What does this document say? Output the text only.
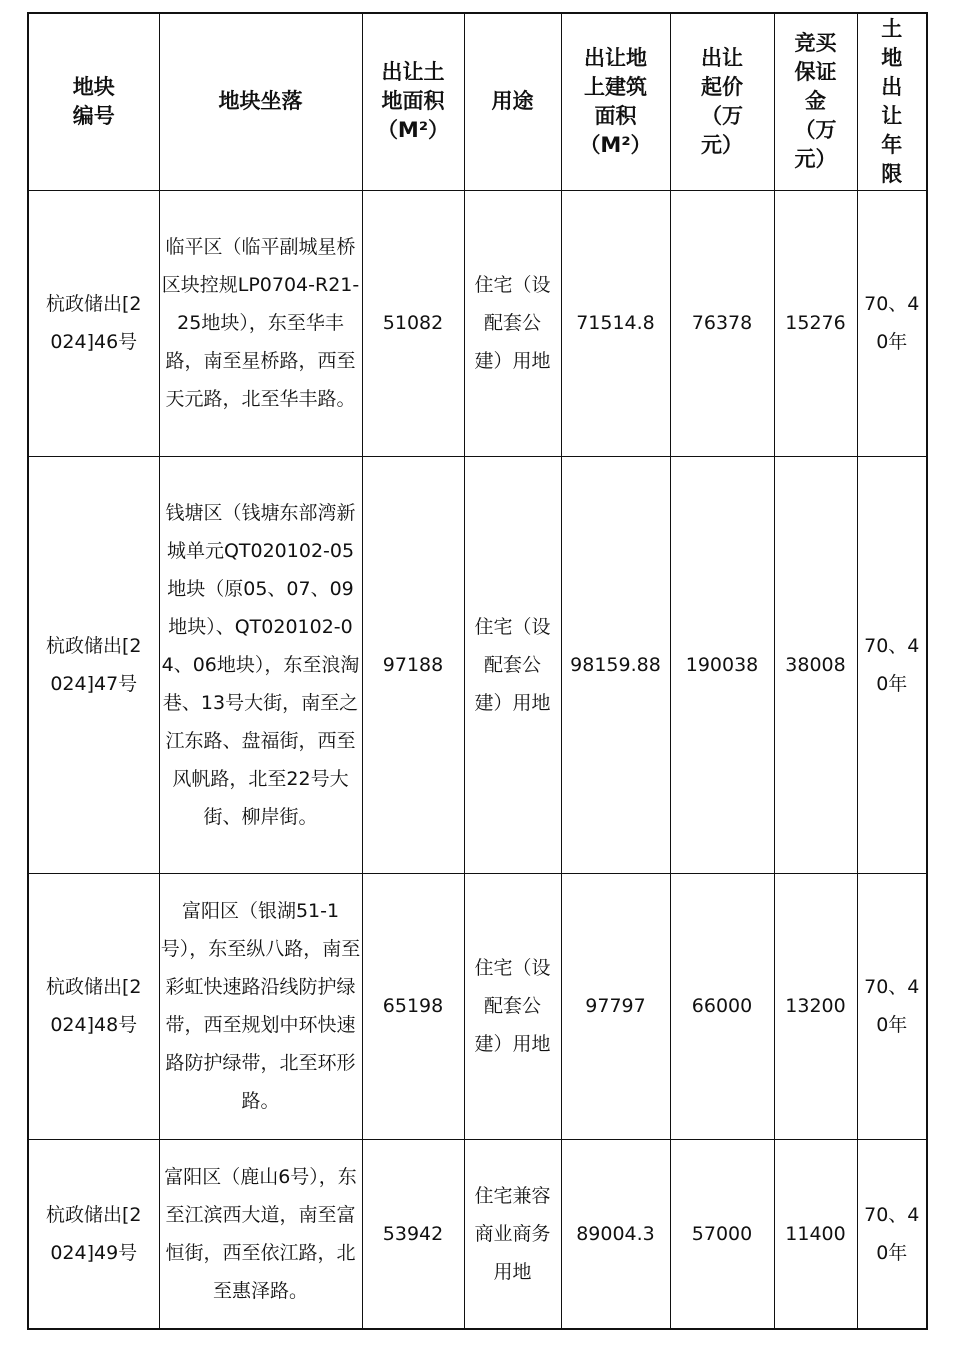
地块编号	地块坐落	出让土地面积（M²）	用途	出让地上建筑面积（M²）	出让起价（万元）	竞买保证金（万元）	土地出让年限

杭政储出[2024]46号	临平区（临平副城星桥区块控规LP0704-R21-25地块），东至华丰路，南至星桥路，西至天元路，北至华丰路。	51082	住宅（设配套公建）用地	71514.8	76378	15276	70、40年

杭政储出[2024]47号	钱塘区（钱塘东部湾新城单元QT020102-05地块（原05、07、09地块）、QT020102-04、06地块），东至浪淘巷、13号大街，南至之江东路、盘福街，西至风帆路，北至22号大街、柳岸街。	97188	住宅（设配套公建）用地	98159.88	190038	38008	70、40年

杭政储出[2024]48号	富阳区（银湖51-1号），东至纵八路，南至彩虹快速路沿线防护绿带，西至规划中环快速路防护绿带，北至环形路。	65198	住宅（设配套公建）用地	97797	66000	13200	70、40年

杭政储出[2024]49号	富阳区（鹿山6号），东至江滨西大道，南至富恒街，西至依江路，北至惠泽路。	53942	住宅兼容商业商务用地	89004.3	57000	11400	70、40年
